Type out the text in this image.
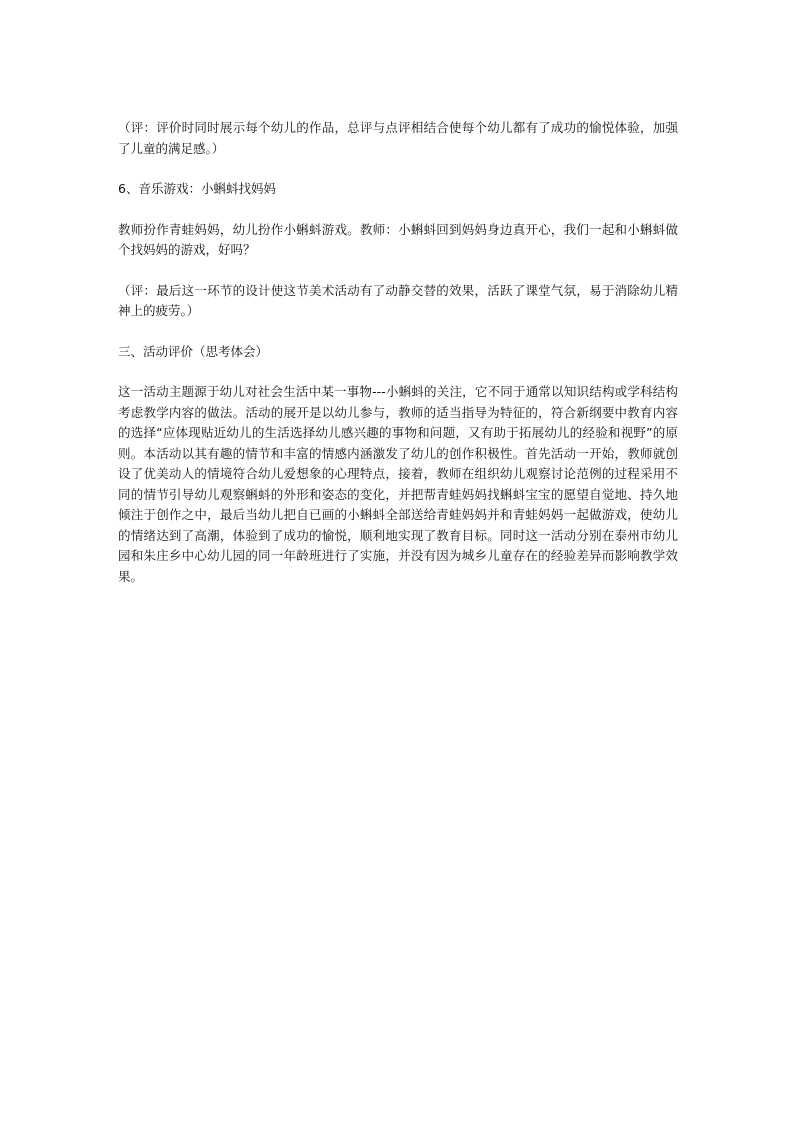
（评：评价时同时展示每个幼儿的作品，总评与点评相结合使每个幼儿都有了成功的愉悦体验，加强了儿童的满足感。）

6、音乐游戏：小蝌蚪找妈妈

教师扮作青蛙妈妈，幼儿扮作小蝌蚪游戏。教师：小蝌蚪回到妈妈身边真开心，我们一起和小蝌蚪做个找妈妈的游戏，好吗？

（评：最后这一环节的设计使这节美术活动有了动静交替的效果，活跃了课堂气氛，易于消除幼儿精神上的疲劳。）

三、活动评价（思考体会）

这一活动主题源于幼儿对社会生活中某一事物---小蝌蚪的关注，它不同于通常以知识结构或学科结构考虑教学内容的做法。活动的展开是以幼儿参与，教师的适当指导为特征的，符合新纲要中教育内容的选择“应体现贴近幼儿的生活选择幼儿感兴趣的事物和问题，又有助于拓展幼儿的经验和视野”的原则。本活动以其有趣的情节和丰富的情感内涵激发了幼儿的创作积极性。首先活动一开始，教师就创设了优美动人的情境符合幼儿爱想象的心理特点，接着，教师在组织幼儿观察讨论范例的过程采用不同的情节引导幼儿观察蝌蚪的外形和姿态的变化，并把帮青蛙妈妈找蝌蚪宝宝的愿望自觉地、持久地倾注于创作之中，最后当幼儿把自已画的小蝌蚪全部送给青蛙妈妈并和青蛙妈妈一起做游戏，使幼儿的情绪达到了高潮，体验到了成功的愉悦，顺利地实现了教育目标。同时这一活动分别在泰州市幼儿园和朱庄乡中心幼儿园的同一年龄班进行了实施，并没有因为城乡儿童存在的经验差异而影响教学效果。
